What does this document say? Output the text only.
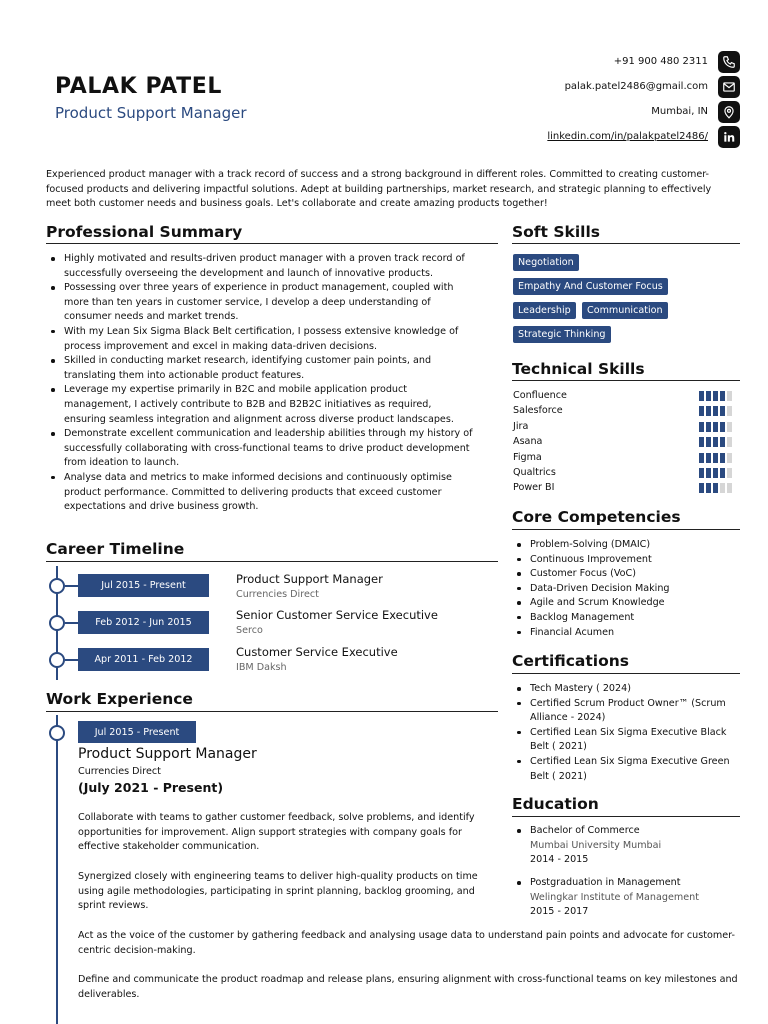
PALAK PATEL
Product Support Manager
+91 900 480 2311
palak.patel2486@gmail.com
Mumbai, IN
linkedin.com/in/palakpatel2486/
Experienced product manager with a track record of success and a strong background in different roles. Committed to creating customer-focused products and delivering impactful solutions. Adept at building partnerships, market research, and strategic planning to effectively meet both customer needs and business goals. Let's collaborate and create amazing products together!
Professional Summary
Highly motivated and results-driven product manager with a proven track record of successfully overseeing the development and launch of innovative products.
Possessing over three years of experience in product management, coupled with more than ten years in customer service, I develop a deep understanding of consumer needs and market trends.
With my Lean Six Sigma Black Belt certification, I possess extensive knowledge of process improvement and excel in making data-driven decisions.
Skilled in conducting market research, identifying customer pain points, and translating them into actionable product features.
Leverage my expertise primarily in B2C and mobile application product management, I actively contribute to B2B and B2B2C initiatives as required, ensuring seamless integration and alignment across diverse product landscapes.
Demonstrate excellent communication and leadership abilities through my history of successfully collaborating with cross-functional teams to drive product development from ideation to launch.
Analyse data and metrics to make informed decisions and continuously optimise product performance. Committed to delivering products that exceed customer expectations and drive business growth.
Career Timeline
Jul 2015 - Present	Product Support Manager
Currencies Direct
Feb 2012 - Jun 2015
Senior Customer Service Executive
Serco
Apr 2011 - Feb 2012
Customer Service Executive
IBM Daksh
Work Experience
Jul 2015 - Present
Product Support Manager
Currencies Direct
(July 2021 - Present)
Collaborate with teams to gather customer feedback, solve problems, and identify opportunities for improvement. Align support strategies with company goals for effective stakeholder communication.
Synergized closely with engineering teams to deliver high-quality products on time using agile methodologies, participating in sprint planning, backlog grooming, and sprint reviews.
Act as the voice of the customer by gathering feedback and analysing usage data to understand pain points and advocate for customer-centric decision-making.
Define and communicate the product roadmap and release plans, ensuring alignment with cross-functional teams on key milestones and deliverables.
Soft Skills
Negotiation
Empathy And Customer Focus
Leadership	Communication
Strategic Thinking
Technical Skills
Confluence
Salesforce
Jira
Asana
Figma
Qualtrics
Power BI
Core Competencies
Problem-Solving (DMAIC)
Continuous Improvement
Customer Focus (VoC)
Data-Driven Decision Making
Agile and Scrum Knowledge
Backlog Management
Financial Acumen
Certifications
Tech Mastery ( 2024)
Certified Scrum Product Owner™ (Scrum Alliance - 2024)
Certified Lean Six Sigma Executive Black Belt ( 2021)
Certified Lean Six Sigma Executive Green Belt ( 2021)
Education
Bachelor of Commerce
Mumbai University Mumbai
2014 - 2015
Postgraduation in Management
Welingkar Institute of Management
2015 - 2017
